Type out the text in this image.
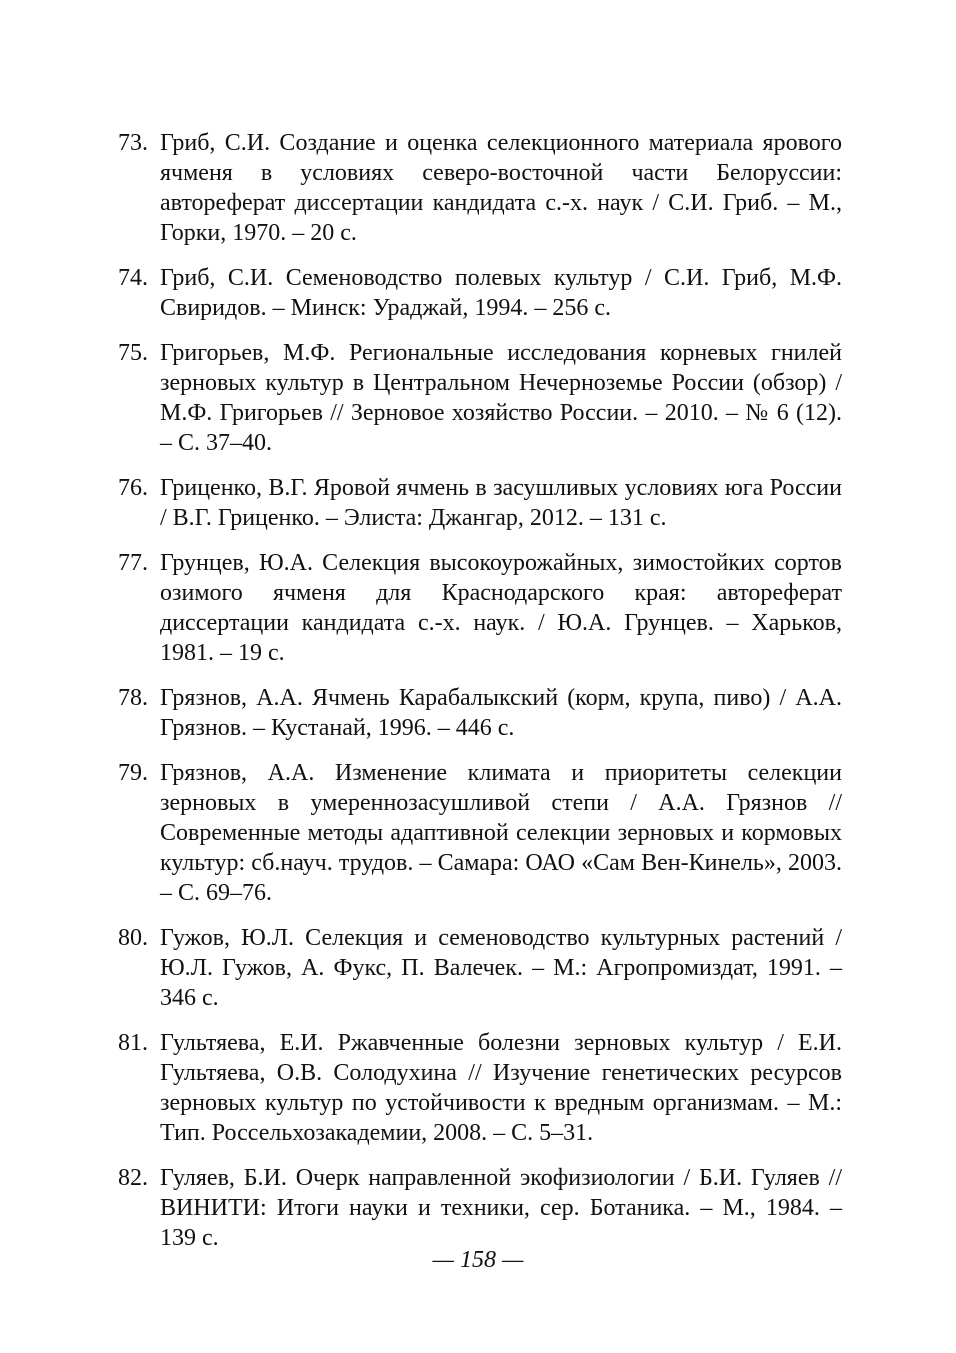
73. Гриб, С.И. Создание и оценка селекционного материала ярового ячменя в условиях северо-восточной части Белоруссии: автореферат диссертации кандидата с.-х. наук / С.И. Гриб. – М., Горки, 1970. – 20 с.
74. Гриб, С.И. Семеноводство полевых культур / С.И. Гриб, М.Ф. Свиридов. – Минск: Ураджай, 1994. – 256 с.
75. Григорьев, М.Ф. Региональные исследования корневых гнилей зерновых культур в Центральном Нечерноземье России (обзор) / М.Ф. Григорьев // Зерновое хозяйство России. – 2010. – № 6 (12). – С. 37–40.
76. Гриценко, В.Г. Яровой ячмень в засушливых условиях юга России / В.Г. Гриценко. – Элиста: Джангар, 2012. – 131 с.
77. Грунцев, Ю.А. Селекция высокоурожайных, зимостойких сортов озимого ячменя для Краснодарского края: автореферат диссертации кандидата с.-х. наук. / Ю.А. Грунцев. – Харьков, 1981. – 19 с.
78. Грязнов, А.А. Ячмень Карабалыкский (корм, крупа, пиво) / А.А. Грязнов. – Кустанай, 1996. – 446 с.
79. Грязнов, А.А. Изменение климата и приоритеты селекции зерновых в умереннозасушливой степи / А.А. Грязнов // Современные методы адаптивной селекции зерновых и кормовых культур: сб.науч. трудов. – Самара: ОАО «Сам Вен-Кинель», 2003. – С. 69–76.
80. Гужов, Ю.Л. Селекция и семеноводство культурных растений / Ю.Л. Гужов, А. Фукс, П. Валечек. – М.: Агропромиздат, 1991. – 346 с.
81. Гультяева, Е.И. Ржавченные болезни зерновых культур / Е.И. Гультяева, О.В. Солодухина // Изучение генетических ресурсов зерновых культур по устойчивости к вредным организмам. – М.: Тип. Россельхозакадемии, 2008. – С. 5–31.
82. Гуляев, Б.И. Очерк направленной экофизиологии / Б.И. Гуляев // ВИНИТИ: Итоги науки и техники, сер. Ботаника. – М., 1984. – 139 с.
— 158 —
